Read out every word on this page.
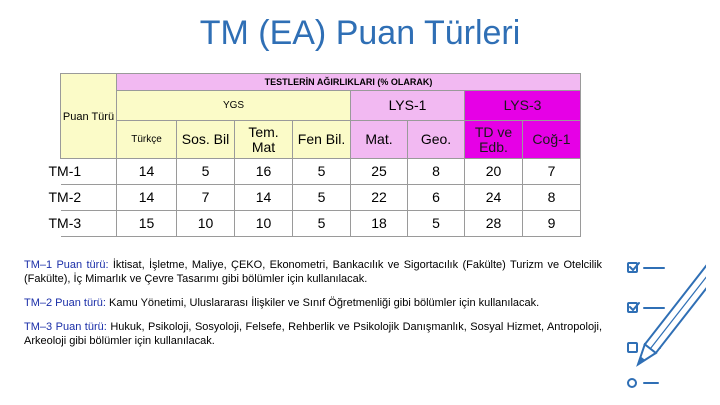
TM (EA) Puan Türleri
Puan Türü	TESTLERİN AĞIRLIKLARI (% OLARAK)
YGS	LYS-1	LYS-3
Türkçe	Sos. Bil	Tem. Mat	Fen Bil.	Mat.	Geo.	TD ve Edb.	Coğ-1
TM-1	14	5	16	5	25	8	20	7
TM-2	14	7	14	5	22	6	24	8
TM-3	15	10	10	5	18	5	28	9

TM–1 Puan türü: İktisat, İşletme, Maliye, ÇEKO, Ekonometri, Bankacılık ve Sigortacılık (Fakülte) Turizm ve Otelcilik (Fakülte), İç Mimarlık ve Çevre Tasarımı gibi bölümler için kullanılacak.

TM–2 Puan türü: Kamu Yönetimi, Uluslararası İlişkiler ve Sınıf Öğretmenliği gibi bölümler için kullanılacak.

TM–3 Puan türü: Hukuk, Psikoloji, Sosyoloji, Felsefe, Rehberlik ve Psikolojik Danışmanlık, Sosyal Hizmet, Antropoloji, Arkeoloji gibi bölümler için kullanılacak.
